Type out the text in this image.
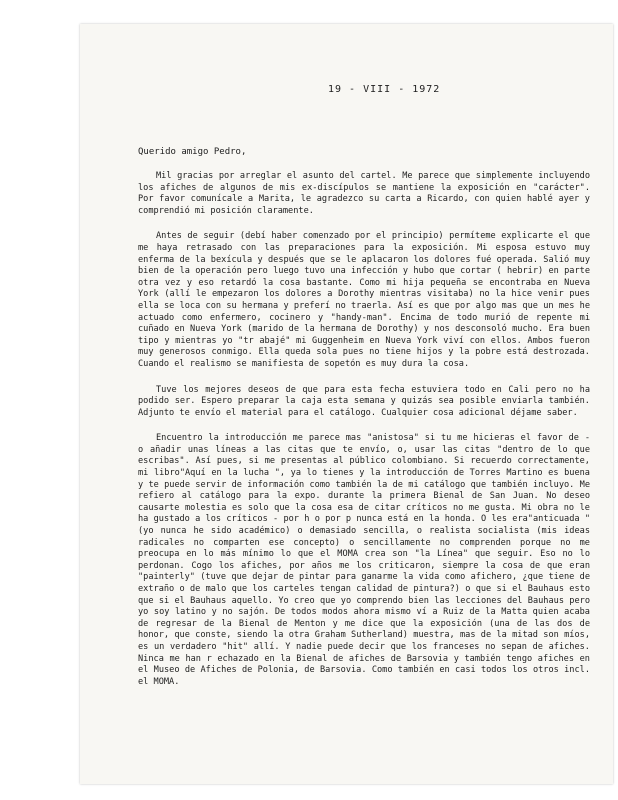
19 - VIII - 1972
Querido amigo Pedro,

Mil gracias por arreglar el asunto del cartel. Me parece que simplemente incluyendo los afiches de algunos de mis ex-discípulos se mantiene la exposición en "carácter". Por favor comunícale a Marita, le agradezco su carta a Ricardo, con quien hablé ayer y comprendió mi posición claramente.

Antes de seguir (debí haber comenzado por el principio) permíteme explicarte el que me haya retrasado con las preparaciones para la exposición. Mi esposa estuvo muy enferma de la bexícula y después que se le aplacaron los dolores fué operada. Salió muy bien de la operación pero luego tuvo una infección y hubo que cortar ( hebrir) en parte otra vez y eso retardó la cosa bastante. Como mi hija pequeña se encontraba en Nueva York (allí le empezaron los dolores a Dorothy mientras visitaba) no la hice venir pues ella se loca con su hermana y preferí no traerla. Así es que por algo mas que un mes he actuado como enfermero, cocinero y "handy-man". Encima de todo murió de repente mi cuñado en Nueva York (marido de la hermana de Dorothy) y nos desconsoló mucho. Era buen tipo y mientras yo "tr abajé" mi Guggenheim en Nueva York viví con ellos. Ambos fueron muy generosos conmigo. Ella queda sola pues no tiene hijos y la pobre está destrozada. Cuando el realismo se manifiesta de sopetón es muy dura la cosa.

Tuve los mejores deseos de que para esta fecha estuviera todo en Cali pero no ha podido ser. Espero preparar la caja esta semana y quizás sea posible enviarla también. Adjunto te envío el material para el catálogo. Cualquier cosa adicional déjame saber.

Encuentro la introducción me parece mas "anistosa" si tu me hicieras el favor de - o añadir unas líneas a las citas que te envío, o, usar las citas "dentro de lo que escribas". Así pues, si me presentas al público colombiano. Si recuerdo correctamente, mi libro"Aquí en la lucha ", ya lo tienes y la introducción de Torres Martino es buena y te puede servir de información como también la de mi catálogo que también incluyo. Me refiero al catálogo para la expo. durante la primera Bienal de San Juan. No deseo causarte molestia es solo que la cosa esa de citar críticos no me gusta. Mi obra no le ha gustado a los críticos - por h o por p nunca está en la honda. O les era"anticuada " (yo nunca he sido académico) o demasiado sencilla, o realista socialista (mis ideas radicales no comparten ese concepto) o sencillamente no comprenden porque no me preocupa en lo más mínimo lo que el MOMA crea son "la Línea" que seguir. Eso no lo perdonan. Cogo los afiches, por años me los criticaron, siempre la cosa de que eran "painterly" (tuve que dejar de pintar para ganarme la vida como afichero, ¿que tiene de extraño o de malo que los carteles tengan calidad de pintura?) o que si el Bauhaus esto que si el Bauhaus aquello. Yo creo que yo comprendo bien las lecciones del Bauhaus pero yo soy latino y no sajón. De todos modos ahora mismo ví a Ruiz de la Matta quien acaba de regresar de la Bienal de Menton y me dice que la exposición (una de las dos de honor, que conste, siendo la otra Graham Sutherland) muestra, mas de la mitad son míos, es un verdadero "hit" allí. Y nadie puede decir que los franceses no sepan de afiches. Ninca me han r echazado en la Bienal de afiches de Barsovia y también tengo afiches en el Museo de Afiches de Polonia, de Barsovia. Como también en casi todos los otros incl. el MOMA.
